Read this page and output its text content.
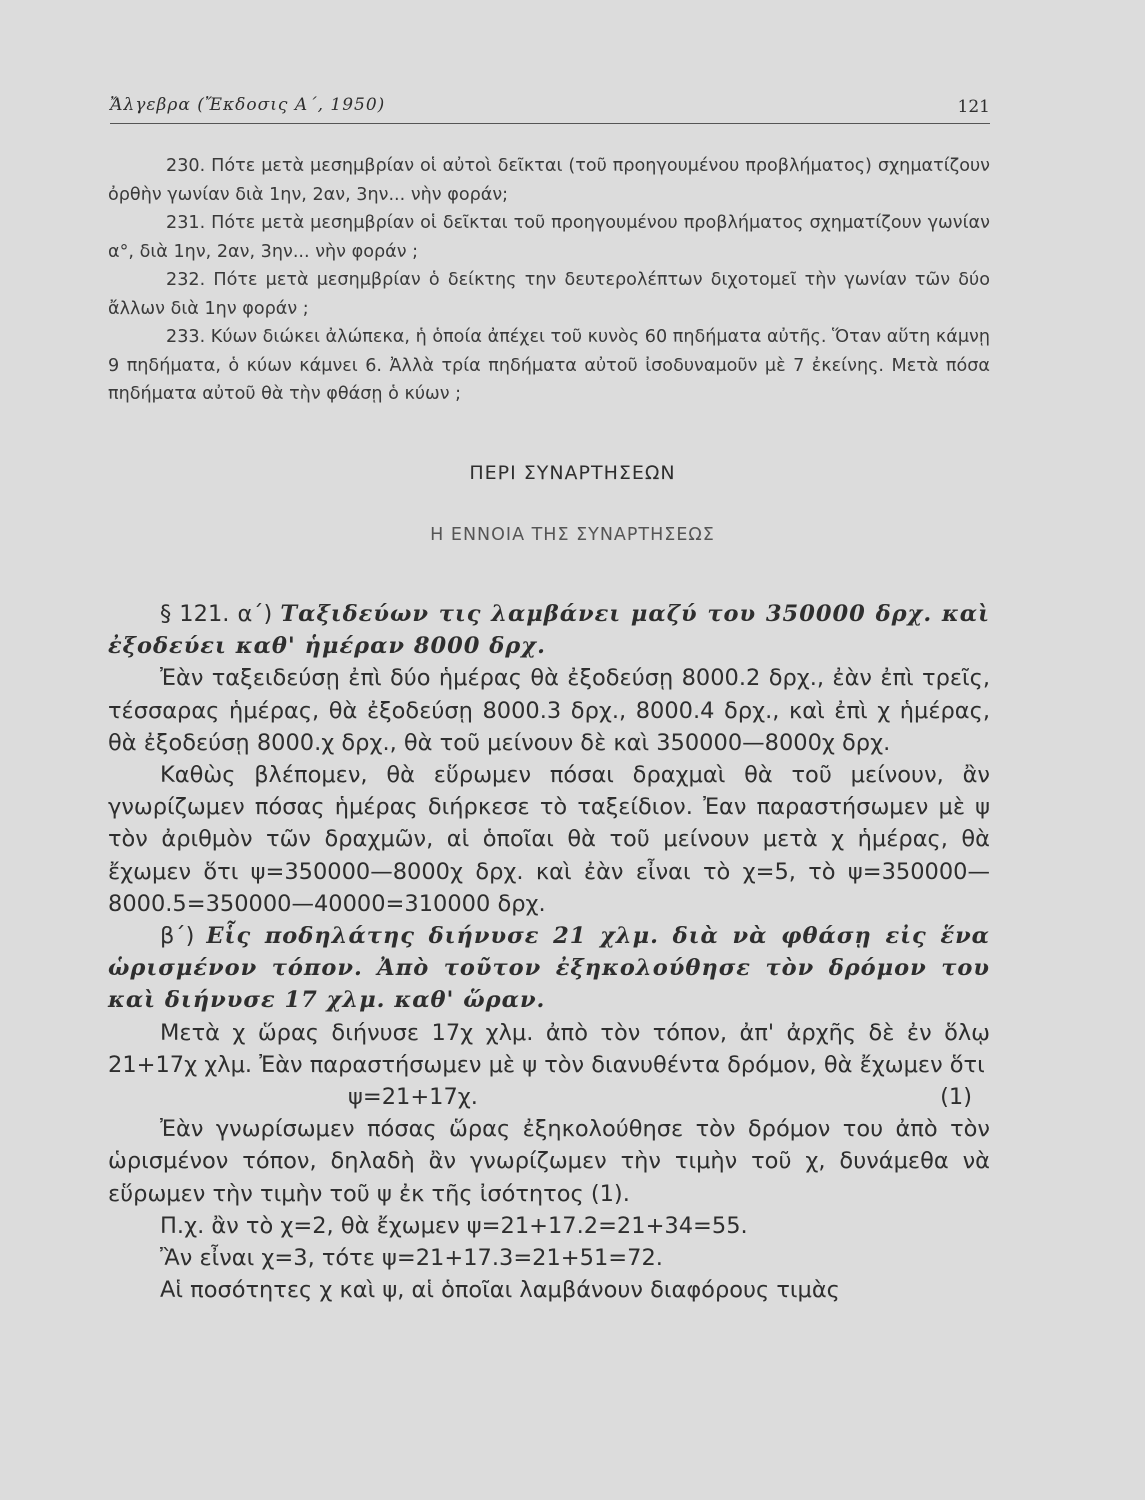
Ἄλγεβρα (Ἔκδοσις Α΄, 1950)	121

230. Πότε μετὰ μεσημβρίαν οἱ αὐτοὶ δεῖκται (τοῦ προηγουμένου προβλήματος) σχηματίζουν ὀρθὴν γωνίαν διὰ 1ην, 2αν, 3ην... νὴν φοράν;

231. Πότε μετὰ μεσημβρίαν οἱ δεῖκται τοῦ προηγουμένου προβλήματος σχηματίζουν γωνίαν α°, διὰ 1ην, 2αν, 3ην... νὴν φοράν ;

232. Πότε μετὰ μεσημβρίαν ὁ δείκτης την δευτερολέπτων διχοτομεῖ τὴν γωνίαν τῶν δύο ἄλλων διὰ 1ην φοράν ;

233. Κύων διώκει ἀλώπεκα, ἡ ὁποία ἀπέχει τοῦ κυνὸς 60 πηδήματα αὐτῆς. Ὅταν αὕτη κάμνῃ 9 πηδήματα, ὁ κύων κάμνει 6. Ἀλλὰ τρία πηδήματα αὐτοῦ ἰσοδυναμοῦν μὲ 7 ἐκείνης. Μετὰ πόσα πηδήματα αὐτοῦ θὰ τὴν φθάσῃ ὁ κύων ;

ΠΕΡΙ ΣΥΝΑΡΤΗΣΕΩΝ
Η ΕΝΝΟΙΑ ΤΗΣ ΣΥΝΑΡΤΗΣΕΩΣ

§ 121. α΄) Ταξιδεύων τις λαμβάνει μαζύ του 350000 δρχ. καὶ ἐξοδεύει καθ' ἡμέραν 8000 δρχ.

Ἐὰν ταξειδεύσῃ ἐπὶ δύο ἡμέρας θὰ ἐξοδεύσῃ 8000.2 δρχ., ἐὰν ἐπὶ τρεῖς, τέσσαρας ἡμέρας, θὰ ἐξοδεύσῃ 8000.3 δρχ., 8000.4 δρχ., καὶ ἐπὶ χ ἡμέρας, θὰ ἐξοδεύσῃ 8000.χ δρχ., θὰ τοῦ μείνουν δὲ καὶ 350000—8000χ δρχ.

Καθὼς βλέπομεν, θὰ εὕρωμεν πόσαι δραχμαὶ θὰ τοῦ μείνουν, ἂν γνωρίζωμεν πόσας ἡμέρας διήρκεσε τὸ ταξείδιον. Ἐαν παραστήσωμεν μὲ ψ τὸν ἀριθμὸν τῶν δραχμῶν, αἱ ὁποῖαι θὰ τοῦ μείνουν μετὰ χ ἡμέρας, θὰ ἔχωμεν ὅτι ψ=350000—8000χ δρχ. καὶ ἐὰν εἶναι τὸ χ=5, τὸ ψ=350000—8000.5=350000—40000=310000 δρχ.

β΄) Εἷς ποδηλάτης διήνυσε 21 χλμ. διὰ νὰ φθάσῃ εἰς ἕνα ὡρισμένον τόπον. Ἀπὸ τοῦτον ἐξηκολούθησε τὸν δρόμον του καὶ διήνυσε 17 χλμ. καθ' ὥραν.

Μετὰ χ ὥρας διήνυσε 17χ χλμ. ἀπὸ τὸν τόπον, ἀπ' ἀρχῆς δὲ ἐν ὅλῳ 21+17χ χλμ. Ἐὰν παραστήσωμεν μὲ ψ τὸν διανυθέντα δρόμον, θὰ ἔχωμεν ὅτι

ψ=21+17χ.	(1)

Ἐὰν γνωρίσωμεν πόσας ὥρας ἐξηκολούθησε τὸν δρόμον του ἀπὸ τὸν ὡρισμένον τόπον, δηλαδὴ ἂν γνωρίζωμεν τὴν τιμὴν τοῦ χ, δυνάμεθα νὰ εὕρωμεν τὴν τιμὴν τοῦ ψ ἐκ τῆς ἰσότητος (1).

Π.χ. ἂν τὸ χ=2, θὰ ἔχωμεν ψ=21+17.2=21+34=55.

Ἂν εἶναι χ=3, τότε ψ=21+17.3=21+51=72.

Αἱ ποσότητες χ καὶ ψ, αἱ ὁποῖαι λαμβάνουν διαφόρους τιμὰς
